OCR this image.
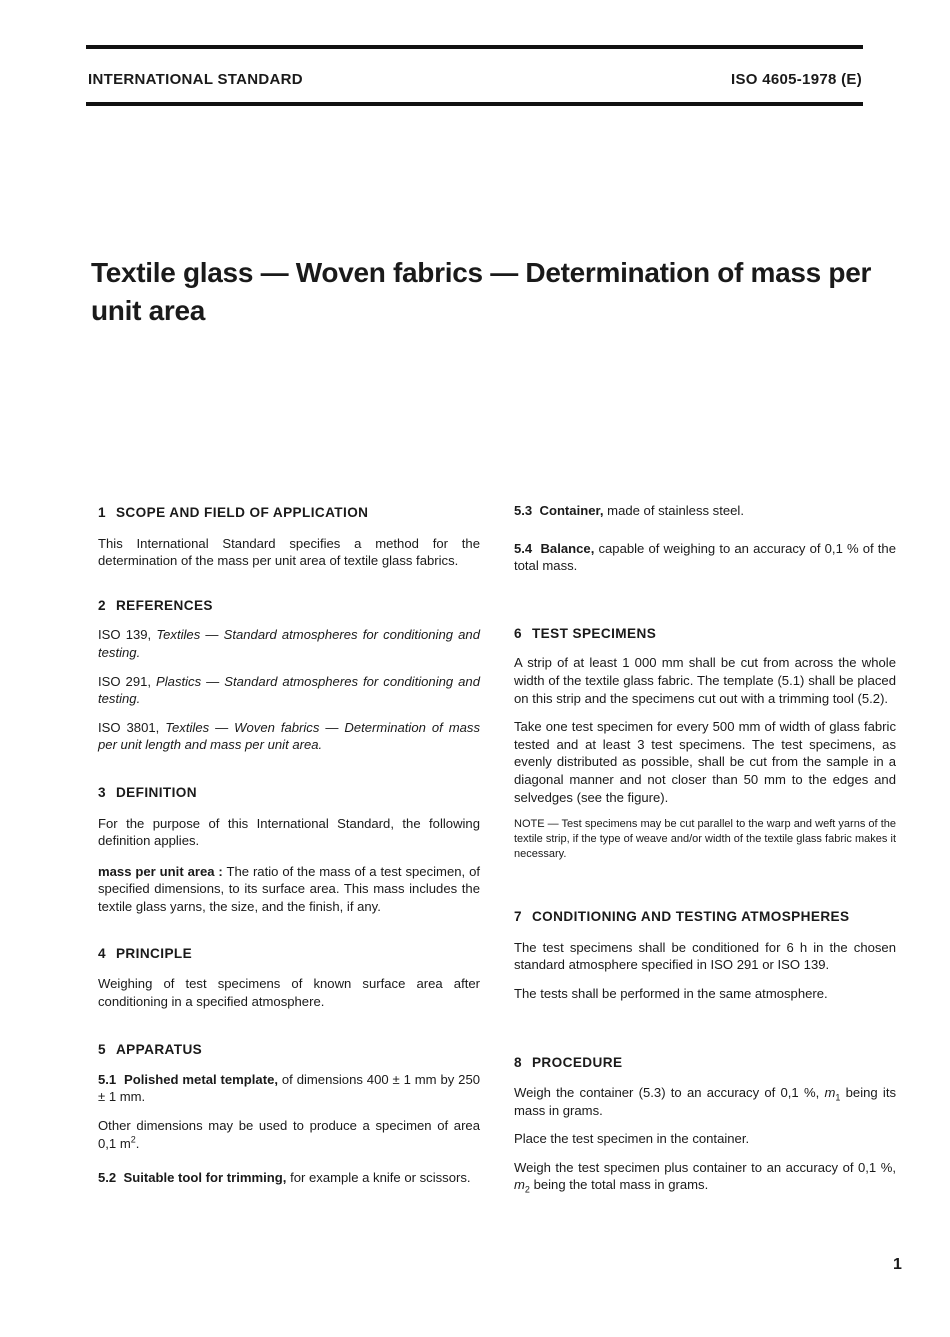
INTERNATIONAL STANDARD	ISO 4605-1978 (E)
Textile glass — Woven fabrics — Determination of mass per unit area
1 SCOPE AND FIELD OF APPLICATION

This International Standard specifies a method for the determination of the mass per unit area of textile glass fabrics.

2 REFERENCES

ISO 139, Textiles — Standard atmospheres for conditioning and testing.

ISO 291, Plastics — Standard atmospheres for conditioning and testing.

ISO 3801, Textiles — Woven fabrics — Determination of mass per unit length and mass per unit area.

3 DEFINITION

For the purpose of this International Standard, the following definition applies.

mass per unit area : The ratio of the mass of a test specimen, of specified dimensions, to its surface area. This mass includes the textile glass yarns, the size, and the finish, if any.

4 PRINCIPLE

Weighing of test specimens of known surface area after conditioning in a specified atmosphere.

5 APPARATUS

5.1 Polished metal template, of dimensions 400 ± 1 mm by 250 ± 1 mm.

Other dimensions may be used to produce a specimen of area 0,1 $m^2$.

5.2 Suitable tool for trimming, for example a knife or scissors.

5.3 Container, made of stainless steel.

5.4 Balance, capable of weighing to an accuracy of 0,1 % of the total mass.

6 TEST SPECIMENS

A strip of at least 1 000 mm shall be cut from across the whole width of the textile glass fabric. The template (5.1) shall be placed on this strip and the specimens cut out with a trimming tool (5.2).

Take one test specimen for every 500 mm of width of glass fabric tested and at least 3 test specimens. The test specimens, as evenly distributed as possible, shall be cut from the sample in a diagonal manner and not closer than 50 mm to the edges and selvedges (see the figure).

NOTE — Test specimens may be cut parallel to the warp and weft yarns of the textile strip, if the type of weave and/or width of the textile glass fabric makes it necessary.

7 CONDITIONING AND TESTING ATMOSPHERES

The test specimens shall be conditioned for 6 h in the chosen standard atmosphere specified in ISO 291 or ISO 139.

The tests shall be performed in the same atmosphere.

8 PROCEDURE

Weigh the container (5.3) to an accuracy of 0,1 %, $m_1$ being its mass in grams.

Place the test specimen in the container.

Weigh the test specimen plus container to an accuracy of 0,1 %, $m_2$ being the total mass in grams.

1
